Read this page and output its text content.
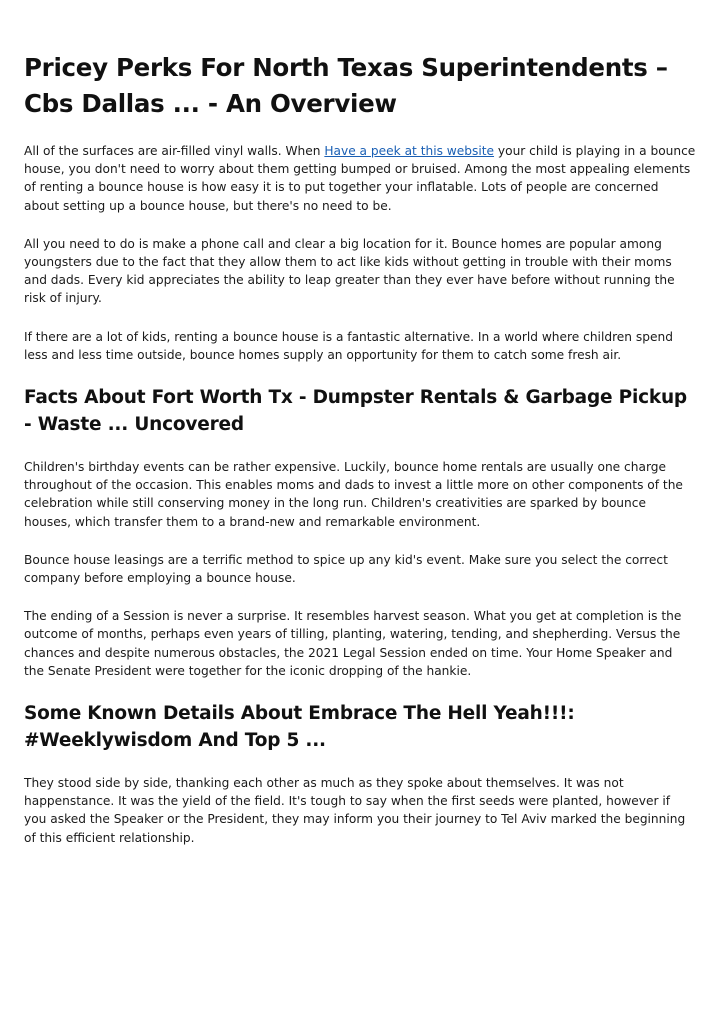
Pricey Perks For North Texas Superintendents – Cbs Dallas ... - An Overview

All of the surfaces are air-filled vinyl walls. When Have a peek at this website your child is playing in a bounce house, you don't need to worry about them getting bumped or bruised. Among the most appealing elements of renting a bounce house is how easy it is to put together your inflatable. Lots of people are concerned about setting up a bounce house, but there's no need to be.

All you need to do is make a phone call and clear a big location for it. Bounce homes are popular among youngsters due to the fact that they allow them to act like kids without getting in trouble with their moms and dads. Every kid appreciates the ability to leap greater than they ever have before without running the risk of injury.

If there are a lot of kids, renting a bounce house is a fantastic alternative. In a world where children spend less and less time outside, bounce homes supply an opportunity for them to catch some fresh air.

Facts About Fort Worth Tx - Dumpster Rentals & Garbage Pickup - Waste ... Uncovered

Children's birthday events can be rather expensive. Luckily, bounce home rentals are usually one charge throughout of the occasion. This enables moms and dads to invest a little more on other components of the celebration while still conserving money in the long run. Children's creativities are sparked by bounce houses, which transfer them to a brand-new and remarkable environment.

Bounce house leasings are a terrific method to spice up any kid's event. Make sure you select the correct company before employing a bounce house.

The ending of a Session is never a surprise. It resembles harvest season. What you get at completion is the outcome of months, perhaps even years of tilling, planting, watering, tending, and shepherding. Versus the chances and despite numerous obstacles, the 2021 Legal Session ended on time. Your Home Speaker and the Senate President were together for the iconic dropping of the hankie.

Some Known Details About Embrace The Hell Yeah!!!: #Weeklywisdom And Top 5 ...

They stood side by side, thanking each other as much as they spoke about themselves. It was not happenstance. It was the yield of the field. It's tough to say when the first seeds were planted, however if you asked the Speaker or the President, they may inform you their journey to Tel Aviv marked the beginning of this efficient relationship.
